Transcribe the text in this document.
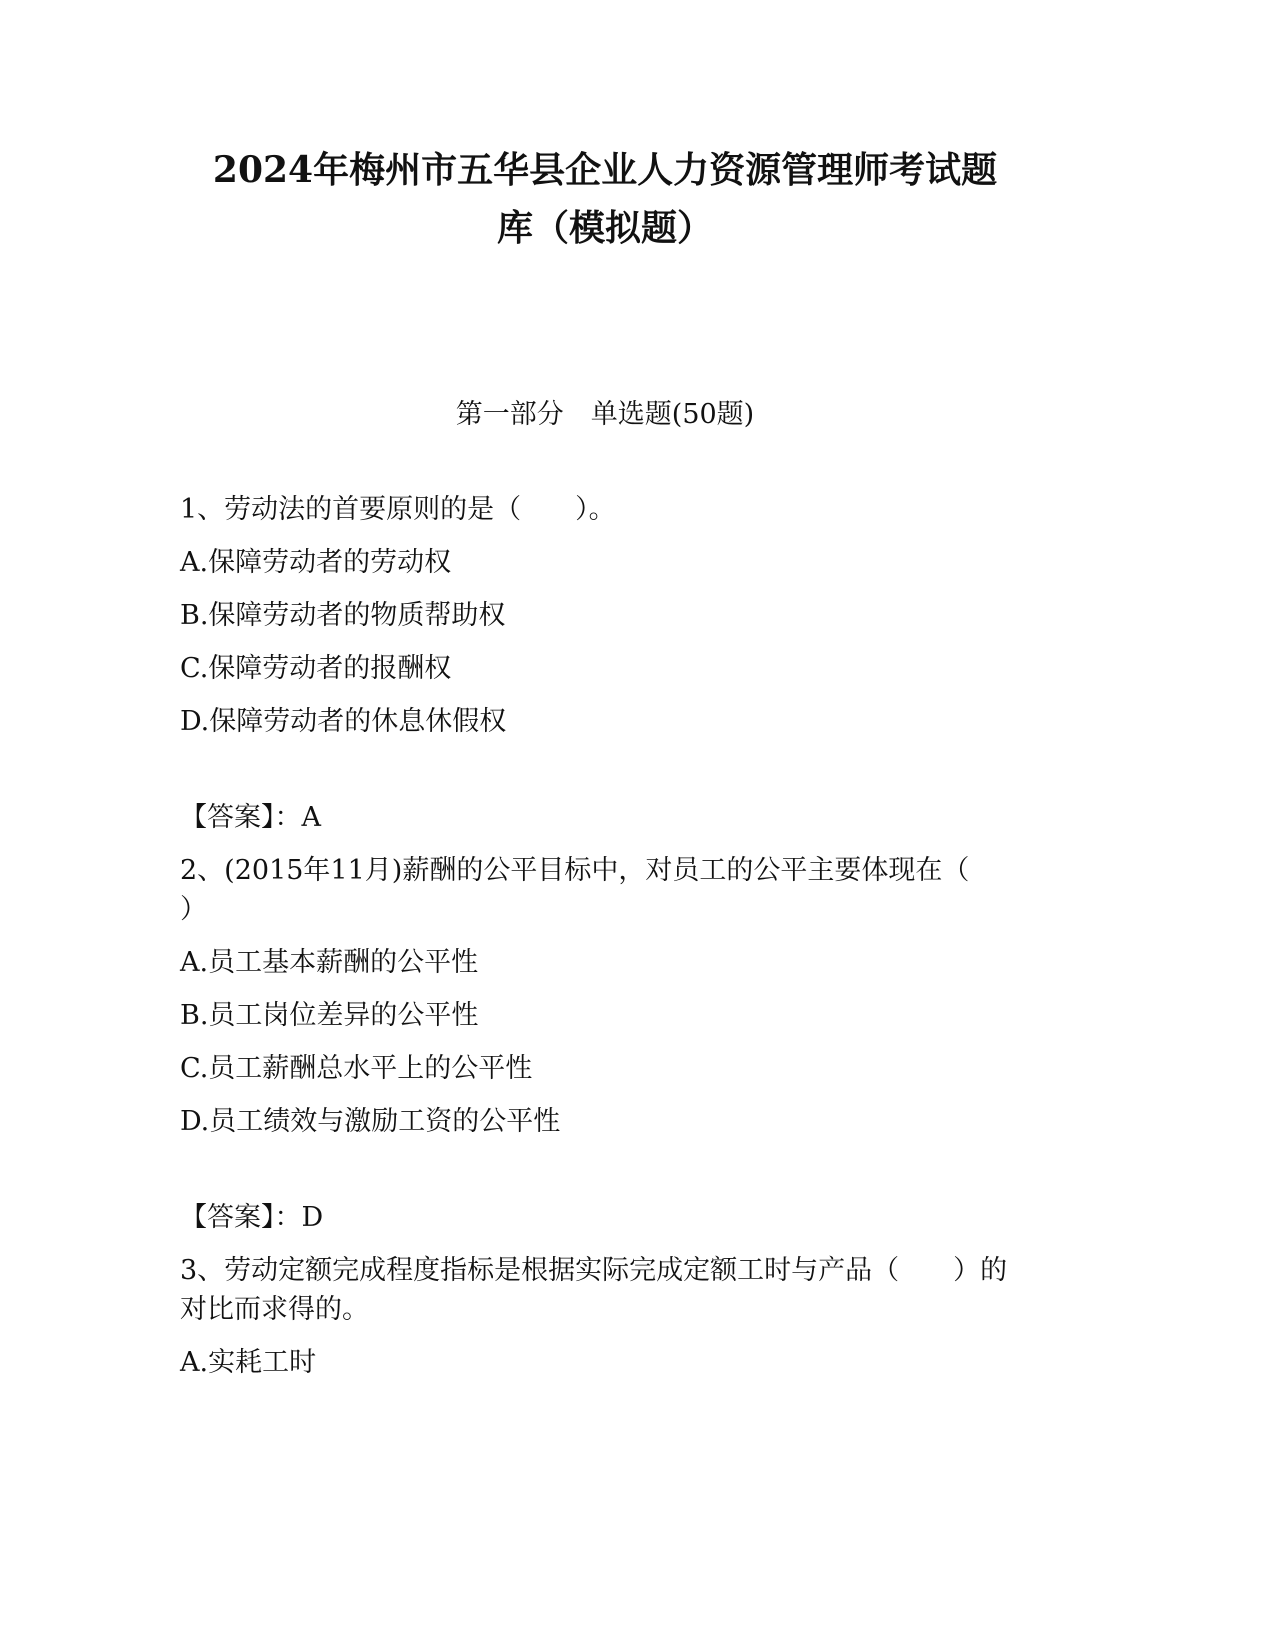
2024年梅州市五华县企业人力资源管理师考试题
库（模拟题）
第一部分　单选题(50题)
1、劳动法的首要原则的是（　　）。
A.保障劳动者的劳动权
B.保障劳动者的物质帮助权
C.保障劳动者的报酬权
D.保障劳动者的休息休假权
【答案】：A
2、(2015年11月)薪酬的公平目标中，对员工的公平主要体现在（
）
A.员工基本薪酬的公平性
B.员工岗位差异的公平性
C.员工薪酬总水平上的公平性
D.员工绩效与激励工资的公平性
【答案】：D
3、劳动定额完成程度指标是根据实际完成定额工时与产品（　　）的
对比而求得的。
A.实耗工时
